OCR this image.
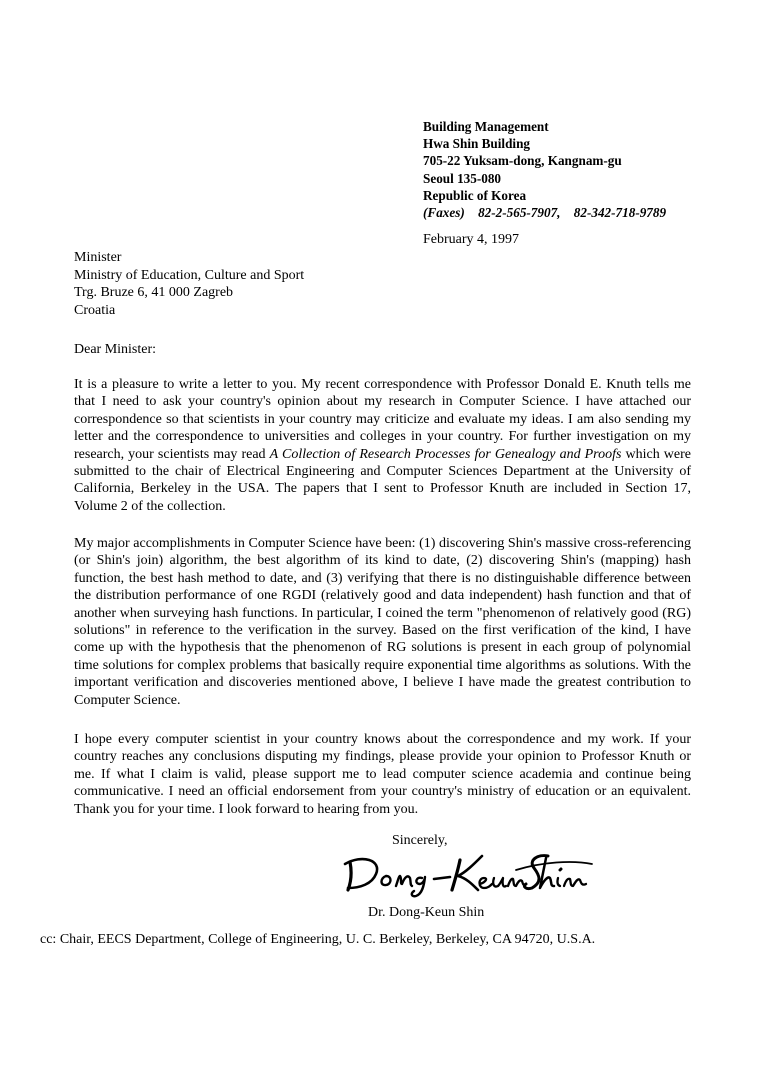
Building Management
Hwa Shin Building
705-22 Yuksam-dong, Kangnam-gu
Seoul 135-080
Republic of Korea
(Faxes) 82-2-565-7907, 82-342-718-9789
February 4, 1997
Minister
Ministry of Education, Culture and Sport
Trg. Bruze 6, 41 000 Zagreb
Croatia
Dear Minister:
It is a pleasure to write a letter to you. My recent correspondence with Professor Donald E. Knuth tells me that I need to ask your country's opinion about my research in Computer Science. I have attached our correspondence so that scientists in your country may criticize and evaluate my ideas. I am also sending my letter and the correspondence to universities and colleges in your country. For further investigation on my research, your scientists may read A Collection of Research Processes for Genealogy and Proofs which were submitted to the chair of Electrical Engineering and Computer Sciences Department at the University of California, Berkeley in the USA. The papers that I sent to Professor Knuth are included in Section 17, Volume 2 of the collection.
My major accomplishments in Computer Science have been: (1) discovering Shin's massive cross-referencing (or Shin's join) algorithm, the best algorithm of its kind to date, (2) discovering Shin's (mapping) hash function, the best hash method to date, and (3) verifying that there is no distinguishable difference between the distribution performance of one RGDI (relatively good and data independent) hash function and that of another when surveying hash functions. In particular, I coined the term "phenomenon of relatively good (RG) solutions" in reference to the verification in the survey. Based on the first verification of the kind, I have come up with the hypothesis that the phenomenon of RG solutions is present in each group of polynomial time solutions for complex problems that basically require exponential time algorithms as solutions. With the important verification and discoveries mentioned above, I believe I have made the greatest contribution to Computer Science.
I hope every computer scientist in your country knows about the correspondence and my work. If your country reaches any conclusions disputing my findings, please provide your opinion to Professor Knuth or me. If what I claim is valid, please support me to lead computer science academia and continue being communicative. I need an official endorsement from your country's ministry of education or an equivalent. Thank you for your time. I look forward to hearing from you.
Sincerely,
Dr. Dong-Keun Shin
cc: Chair, EECS Department, College of Engineering, U. C. Berkeley, Berkeley, CA 94720, U.S.A.
